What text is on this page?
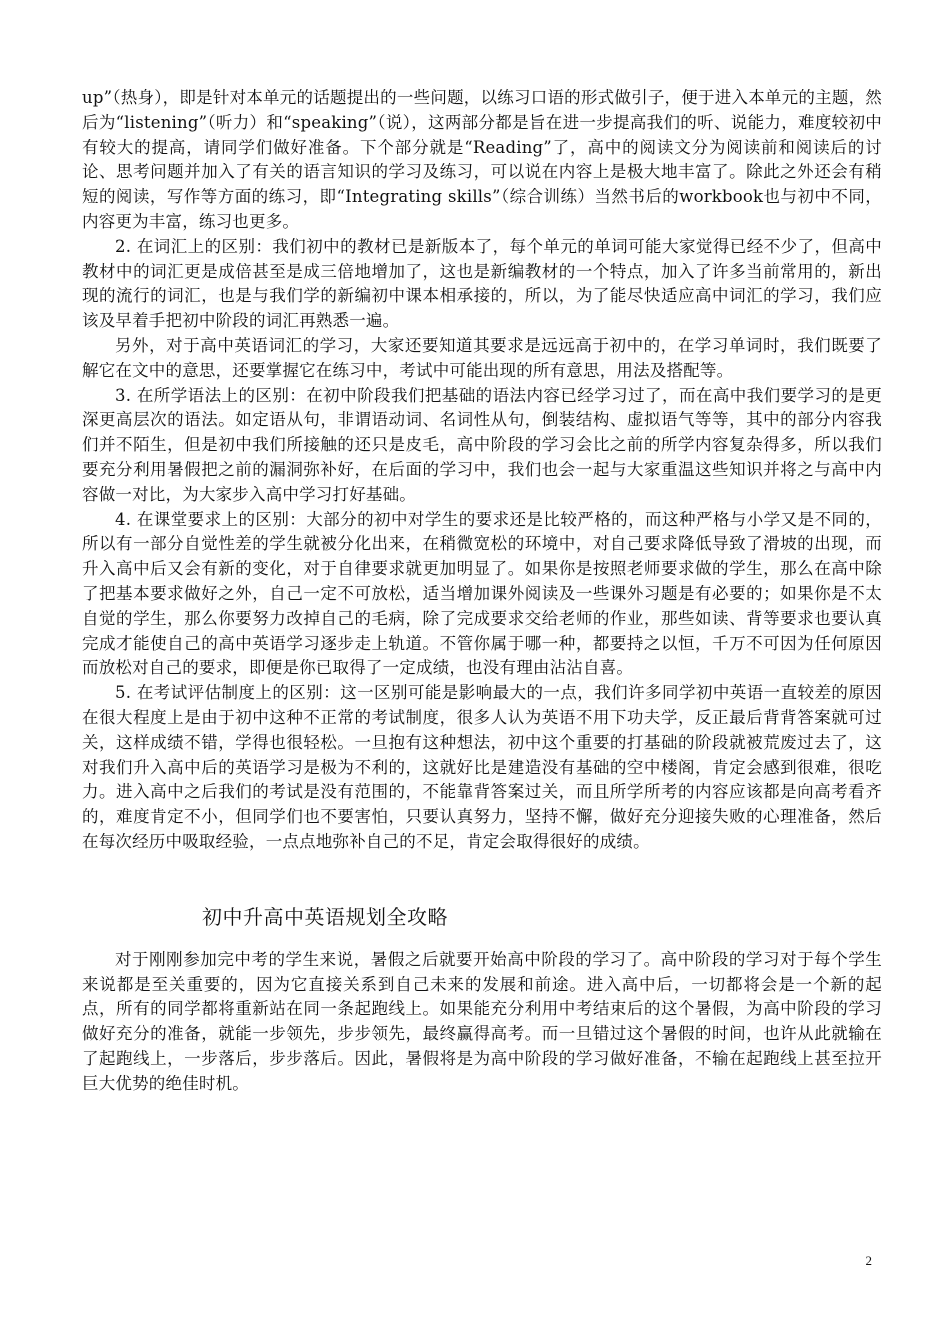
up”（热身），即是针对本单元的话题提出的一些问题，以练习口语的形式做引子，便于进入本单元的主题，然后为“listening”（听力）和“speaking”（说），这两部分都是旨在进一步提高我们的听、说能力，难度较初中有较大的提高，请同学们做好准备。下个部分就是“Reading”了，高中的阅读文分为阅读前和阅读后的讨论、思考问题并加入了有关的语言知识的学习及练习，可以说在内容上是极大地丰富了。除此之外还会有稍短的阅读，写作等方面的练习，即“Integrating skills”（综合训练）当然书后的workbook也与初中不同，内容更为丰富，练习也更多。

2. 在词汇上的区别：我们初中的教材已是新版本了，每个单元的单词可能大家觉得已经不少了，但高中教材中的词汇更是成倍甚至是成三倍地增加了，这也是新编教材的一个特点，加入了许多当前常用的，新出现的流行的词汇，也是与我们学的新编初中课本相承接的，所以，为了能尽快适应高中词汇的学习，我们应该及早着手把初中阶段的词汇再熟悉一遍。

另外，对于高中英语词汇的学习，大家还要知道其要求是远远高于初中的，在学习单词时，我们既要了解它在文中的意思，还要掌握它在练习中，考试中可能出现的所有意思，用法及搭配等。

3. 在所学语法上的区别：在初中阶段我们把基础的语法内容已经学习过了，而在高中我们要学习的是更深更高层次的语法。如定语从句，非谓语动词、名词性从句，倒装结构、虚拟语气等等，其中的部分内容我们并不陌生，但是初中我们所接触的还只是皮毛，高中阶段的学习会比之前的所学内容复杂得多，所以我们要充分利用暑假把之前的漏洞弥补好，在后面的学习中，我们也会一起与大家重温这些知识并将之与高中内容做一对比，为大家步入高中学习打好基础。

4. 在课堂要求上的区别：大部分的初中对学生的要求还是比较严格的，而这种严格与小学又是不同的，所以有一部分自觉性差的学生就被分化出来，在稍微宽松的环境中，对自己要求降低导致了滑坡的出现，而升入高中后又会有新的变化，对于自律要求就更加明显了。如果你是按照老师要求做的学生，那么在高中除了把基本要求做好之外，自己一定不可放松，适当增加课外阅读及一些课外习题是有必要的；如果你是不太自觉的学生，那么你要努力改掉自己的毛病，除了完成要求交给老师的作业，那些如读、背等要求也要认真完成才能使自己的高中英语学习逐步走上轨道。不管你属于哪一种，都要持之以恒，千万不可因为任何原因而放松对自己的要求，即便是你已取得了一定成绩，也没有理由沾沾自喜。

5. 在考试评估制度上的区别：这一区别可能是影响最大的一点，我们许多同学初中英语一直较差的原因在很大程度上是由于初中这种不正常的考试制度，很多人认为英语不用下功夫学，反正最后背背答案就可过关，这样成绩不错，学得也很轻松。一旦抱有这种想法，初中这个重要的打基础的阶段就被荒废过去了，这对我们升入高中后的英语学习是极为不利的，这就好比是建造没有基础的空中楼阁，肯定会感到很难，很吃力。进入高中之后我们的考试是没有范围的，不能靠背答案过关，而且所学所考的内容应该都是向高考看齐的，难度肯定不小，但同学们也不要害怕，只要认真努力，坚持不懈，做好充分迎接失败的心理准备，然后在每次经历中吸取经验，一点点地弥补自己的不足，肯定会取得很好的成绩。

初中升高中英语规划全攻略

对于刚刚参加完中考的学生来说，暑假之后就要开始高中阶段的学习了。高中阶段的学习对于每个学生来说都是至关重要的，因为它直接关系到自己未来的发展和前途。进入高中后，一切都将会是一个新的起点，所有的同学都将重新站在同一条起跑线上。如果能充分利用中考结束后的这个暑假，为高中阶段的学习做好充分的准备，就能一步领先，步步领先，最终赢得高考。而一旦错过这个暑假的时间，也许从此就输在了起跑线上，一步落后，步步落后。因此，暑假将是为高中阶段的学习做好准备，不输在起跑线上甚至拉开巨大优势的绝佳时机。

2
